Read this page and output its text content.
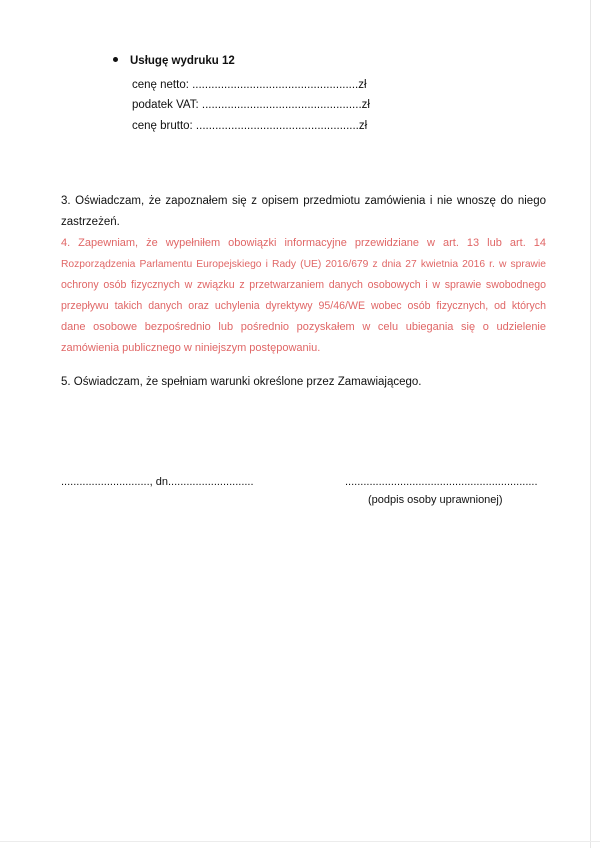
Usługę wydruku 12
cenę netto: ....................................................zł
podatek VAT: ..................................................zł
cenę brutto: ...................................................zł
3. Oświadczam, że zapoznałem się z opisem przedmiotu zamówienia i nie wnoszę do niego
zastrzeżeń.
4. Zapewniam, że wypełniłem obowiązki informacyjne przewidziane w art. 13 lub art. 14
Rozporządzenia Parlamentu Europejskiego i Rady (UE) 2016/679 z dnia 27 kwietnia 2016 r. w sprawie
ochrony osób fizycznych w związku z przetwarzaniem danych osobowych i w sprawie swobodnego
przepływu takich danych oraz uchylenia dyrektywy 95/46/WE wobec osób fizycznych, od których
dane osobowe bezpośrednio lub pośrednio pozyskałem w celu ubiegania się o udzielenie
zamówienia publicznego w niniejszym postępowaniu.
5. Oświadczam, że spełniam warunki określone przez Zamawiającego.
............................., dn............................	...............................................................
(podpis osoby uprawnionej)
